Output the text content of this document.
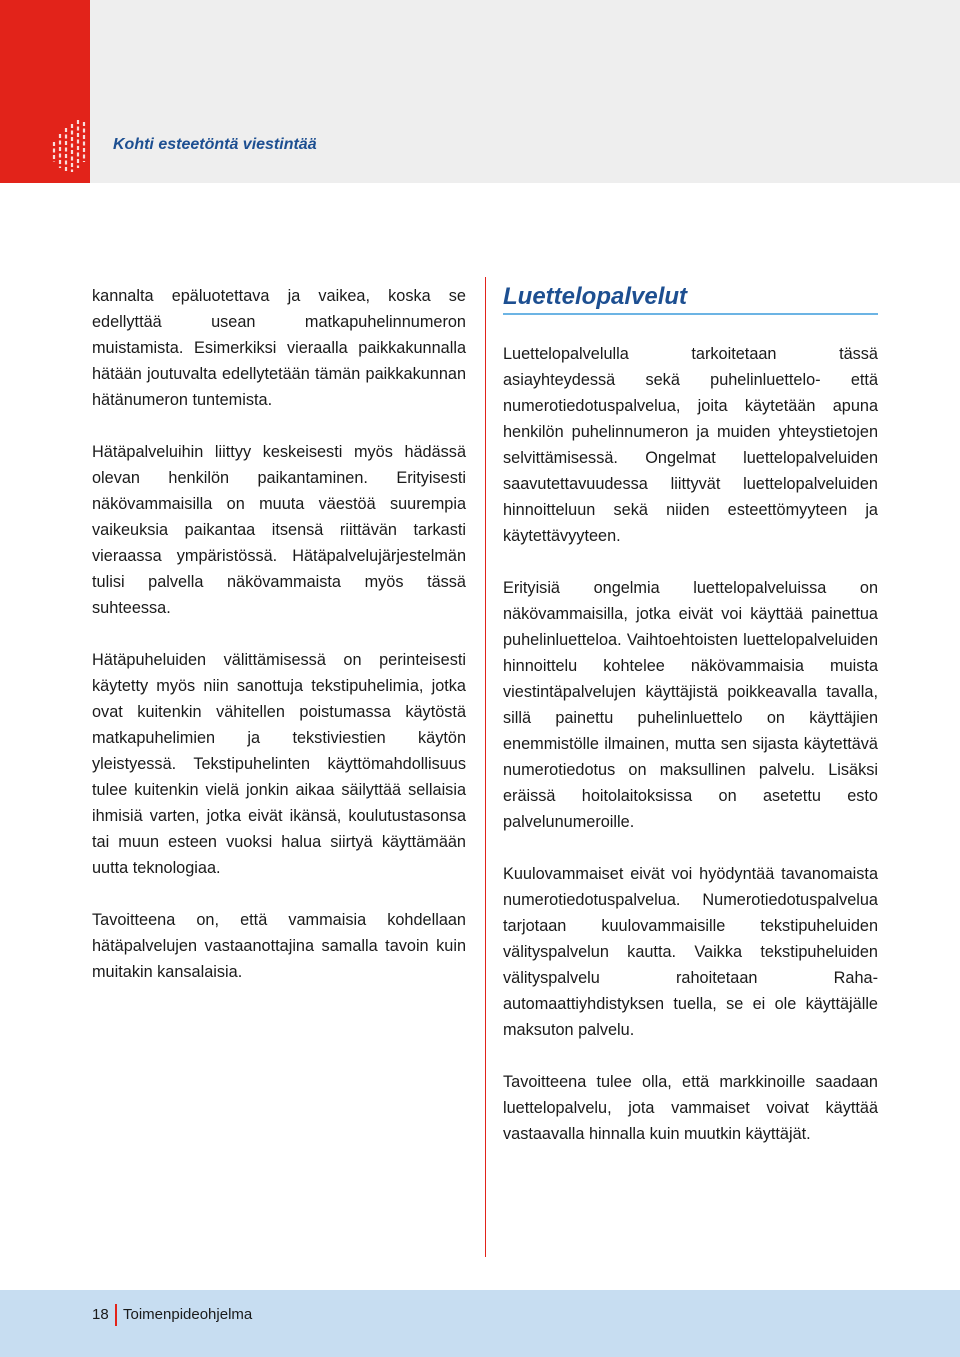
Kohti esteetöntä viestintää

kannalta epäluotettava ja vaikea, koska se edellyttää usean matkapuhelinnumeron muistamista. Esimerkiksi vieraalla paikkakunnalla hätään joutuvalta edellytetään tämän paikkakunnan hätänumeron tuntemista.

Hätäpalveluihin liittyy keskeisesti myös hädässä olevan henkilön paikantaminen. Erityisesti näkövammaisilla on muuta väestöä suurempia vaikeuksia paikantaa itsensä riittävän tarkasti vieraassa ympäristössä. Hätäpalvelujärjestelmän tulisi palvella näkövammaista myös tässä suhteessa.

Hätäpuheluiden välittämisessä on perinteisesti käytetty myös niin sanottuja tekstipuhelimia, jotka ovat kuitenkin vähitellen poistumassa käytöstä matkapuhelimien ja tekstiviestien käytön yleistyessä. Tekstipuhelinten käyttömahdollisuus tulee kuitenkin vielä jonkin aikaa säilyttää sellaisia ihmisiä varten, jotka eivät ikänsä, koulutustasonsa tai muun esteen vuoksi halua siirtyä käyttämään uutta teknologiaa.

Tavoitteena on, että vammaisia kohdellaan hätäpalvelujen vastaanottajina samalla tavoin kuin muitakin kansalaisia.

Luettelopalvelut

Luettelopalvelulla tarkoitetaan tässä asiayhteydessä sekä puhelinluettelo- että numerotiedotuspalvelua, joita käytetään apuna henkilön puhelinnumeron ja muiden yhteystietojen selvittämisessä. Ongelmat luettelopalveluiden saavutettavuudessa liittyvät luettelopalveluiden hinnoitteluun sekä niiden esteettömyyteen ja käytettävyyteen.

Erityisiä ongelmia luettelopalveluissa on näkövammaisilla, jotka eivät voi käyttää painettua puhelinluetteloa. Vaihtoehtoisten luettelopalveluiden hinnoittelu kohtelee näkövammaisia muista viestintäpalvelujen käyttäjistä poikkeavalla tavalla, sillä painettu puhelinluettelo on käyttäjien enemmistölle ilmainen, mutta sen sijasta käytettävä numerotiedotus on maksullinen palvelu. Lisäksi eräissä hoitolaitoksissa on asetettu esto palvelunumeroille.

Kuulovammaiset eivät voi hyödyntää tavanomaista numerotiedotuspalvelua. Numerotiedotuspalvelua tarjotaan kuulovammaisille tekstipuheluiden välityspalvelun kautta. Vaikka tekstipuheluiden välityspalvelu rahoitetaan Raha-automaattiyhdistyksen tuella, se ei ole käyttäjälle maksuton palvelu.

Tavoitteena tulee olla, että markkinoille saadaan luettelopalvelu, jota vammaiset voivat käyttää vastaavalla hinnalla kuin muutkin käyttäjät.

18 Toimenpideohjelma
